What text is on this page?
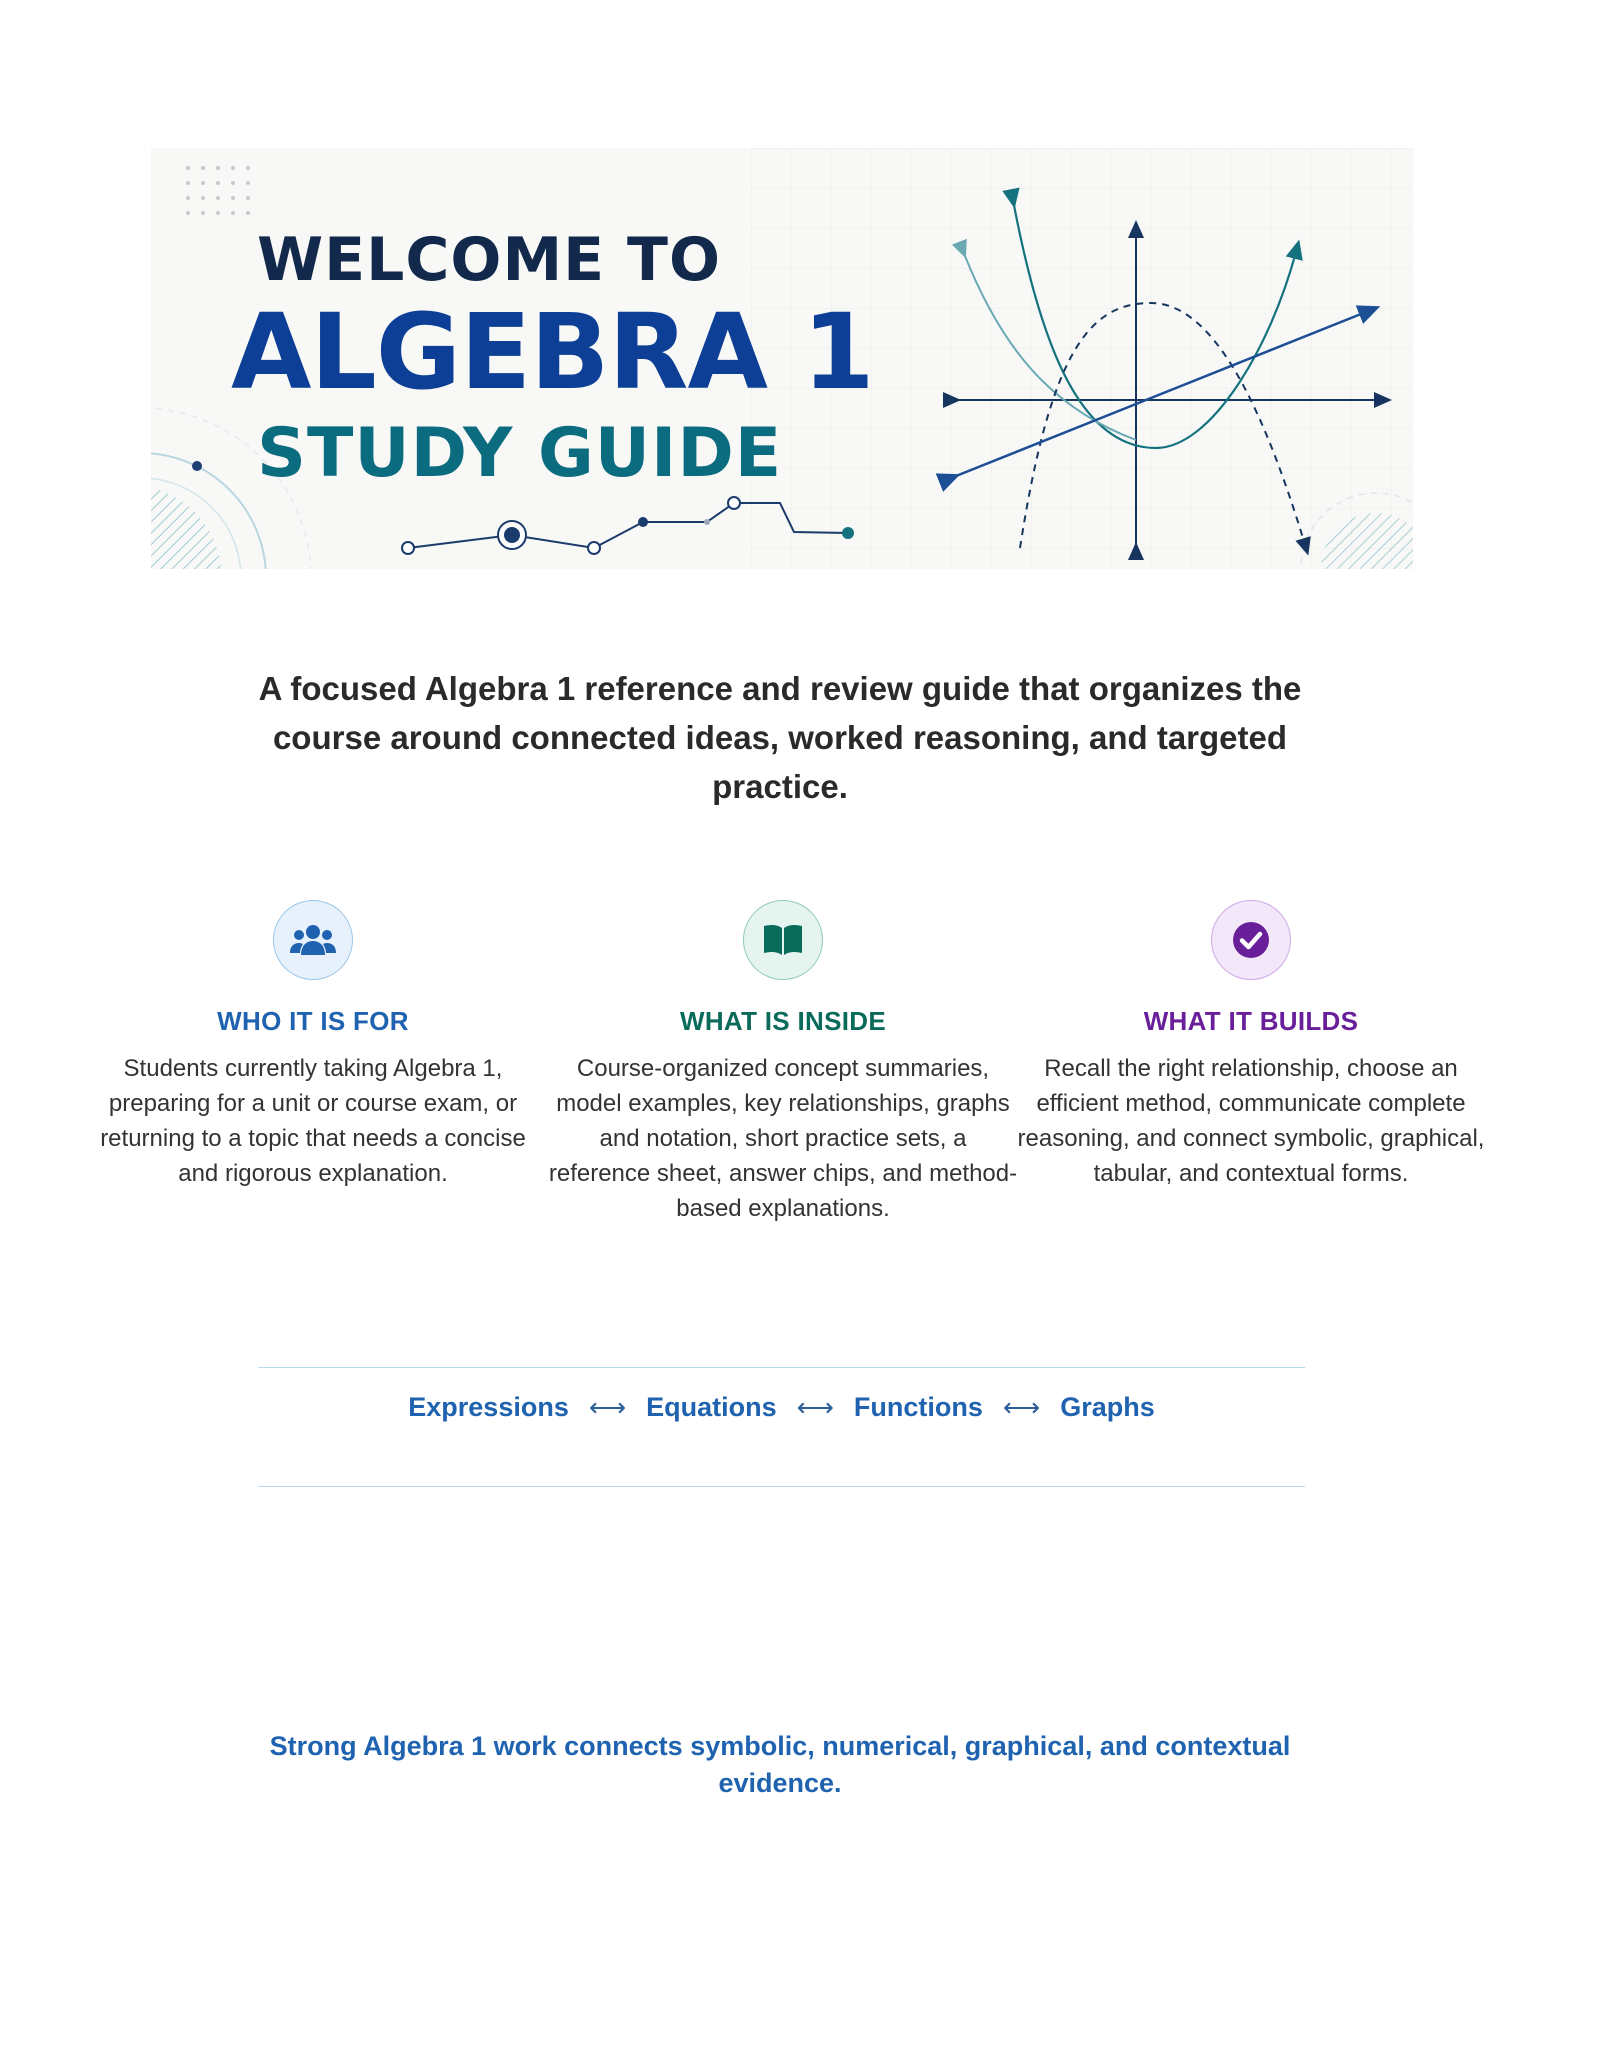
WELCOME TO
ALGEBRA 1
STUDY GUIDE
A focused Algebra 1 reference and review guide that organizes the course around connected ideas, worked reasoning, and targeted practice.
WHO IT IS FOR
Students currently taking Algebra 1, preparing for a unit or course exam, or returning to a topic that needs a concise and rigorous explanation.
WHAT IS INSIDE
Course-organized concept summaries, model examples, key relationships, graphs and notation, short practice sets, a reference sheet, answer chips, and method-based explanations.
WHAT IT BUILDS
Recall the right relationship, choose an efficient method, communicate complete reasoning, and connect symbolic, graphical, tabular, and contextual forms.
Expressions ⟷ Equations ⟷ Functions ⟷ Graphs
Strong Algebra 1 work connects symbolic, numerical, graphical, and contextual evidence.
